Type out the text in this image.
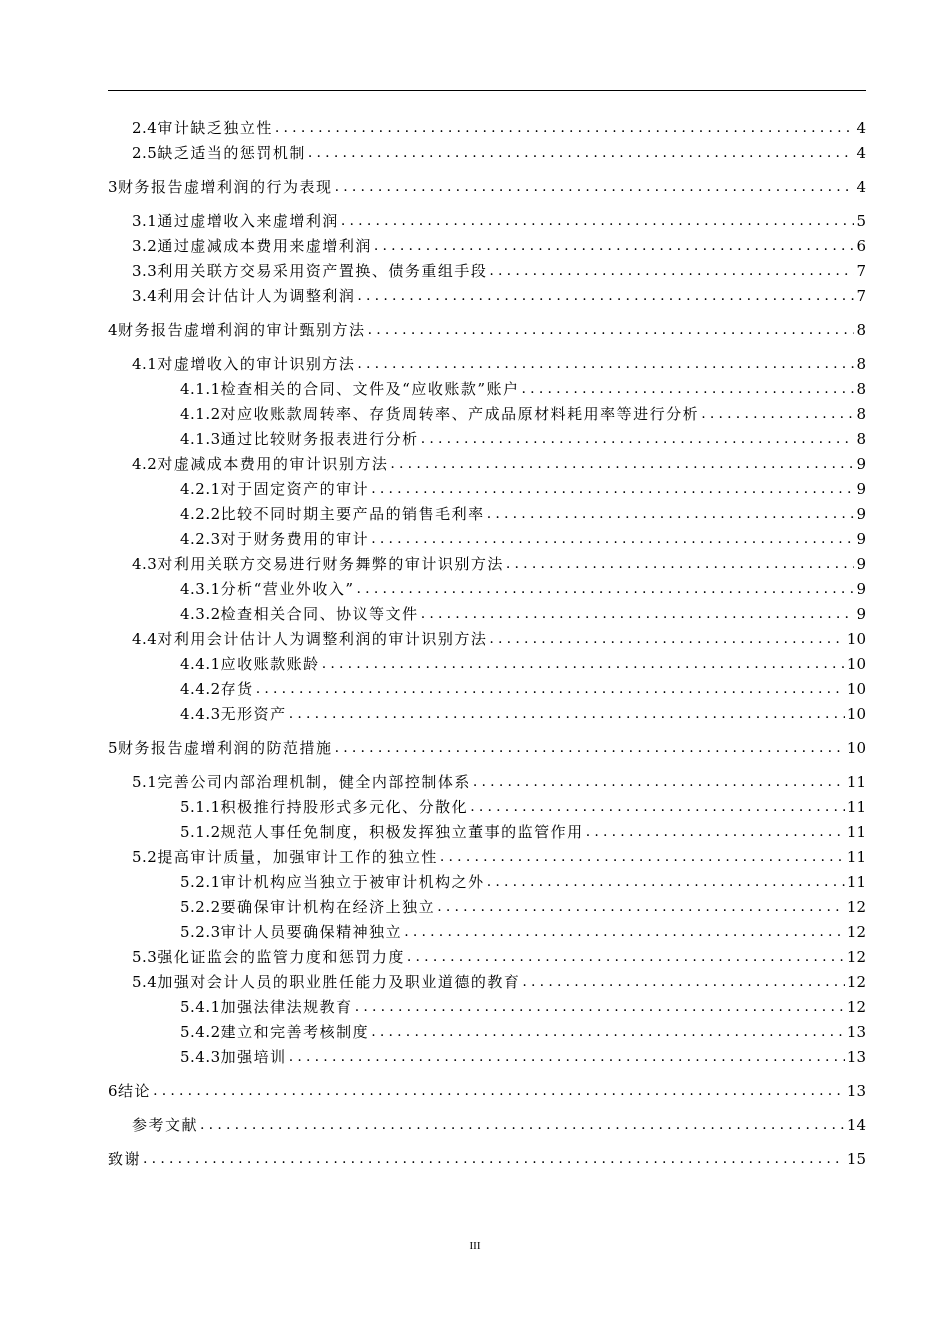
2.4 审计缺乏独立性 .....	4
2.5 缺乏适当的惩罚机制 .....	4
3 财务报告虚增利润的行为表现 .....	4
3.1 通过虚增收入来虚增利润 .....	5
3.2 通过虚减成本费用来虚增利润 .....	6
3.3 利用关联方交易采用资产置换、债务重组手段 .....	7
3.4 利用会计估计人为调整利润 .....	7
4 财务报告虚增利润的审计甄别方法 .....	8
4.1 对虚增收入的审计识别方法 .....	8
4.1.1 检查相关的合同、文件及“应收账款”账户 .....	8
4.1.2 对应收账款周转率、存货周转率、产成品原材料耗用率等进行分析 .....	8
4.1.3 通过比较财务报表进行分析 .....	8
4.2 对虚减成本费用的审计识别方法 .....	9
4.2.1 对于固定资产的审计 .....	9
4.2.2 比较不同时期主要产品的销售毛利率 .....	9
4.2.3 对于财务费用的审计 .....	9
4.3 对利用关联方交易进行财务舞弊的审计识别方法 .....	9
4.3.1 分析“营业外收入” .....	9
4.3.2 检查相关合同、协议等文件 .....	9
4.4 对利用会计估计人为调整利润的审计识别方法 .....	10
4.4.1 应收账款账龄 .....	10
4.4.2 存货 .....	10
4.4.3 无形资产 .....	10
5 财务报告虚增利润的防范措施 .....	10
5.1 完善公司内部治理机制，健全内部控制体系 .....	11
5.1.1 积极推行持股形式多元化、分散化 .....	11
5.1.2 规范人事任免制度，积极发挥独立董事的监管作用 .....	11
5.2 提高审计质量，加强审计工作的独立性 .....	11
5.2.1 审计机构应当独立于被审计机构之外 .....	11
5.2.2 要确保审计机构在经济上独立 .....	12
5.2.3 审计人员要确保精神独立 .....	12
5.3 强化证监会的监管力度和惩罚力度 .....	12
5.4 加强对会计人员的职业胜任能力及职业道德的教育 .....	12
5.4.1 加强法律法规教育 .....	12
5.4.2 建立和完善考核制度 .....	13
5.4.3 加强培训 .....	13
6 结论 .....	13
参考文献 .....	14
致谢 .....	15
III
